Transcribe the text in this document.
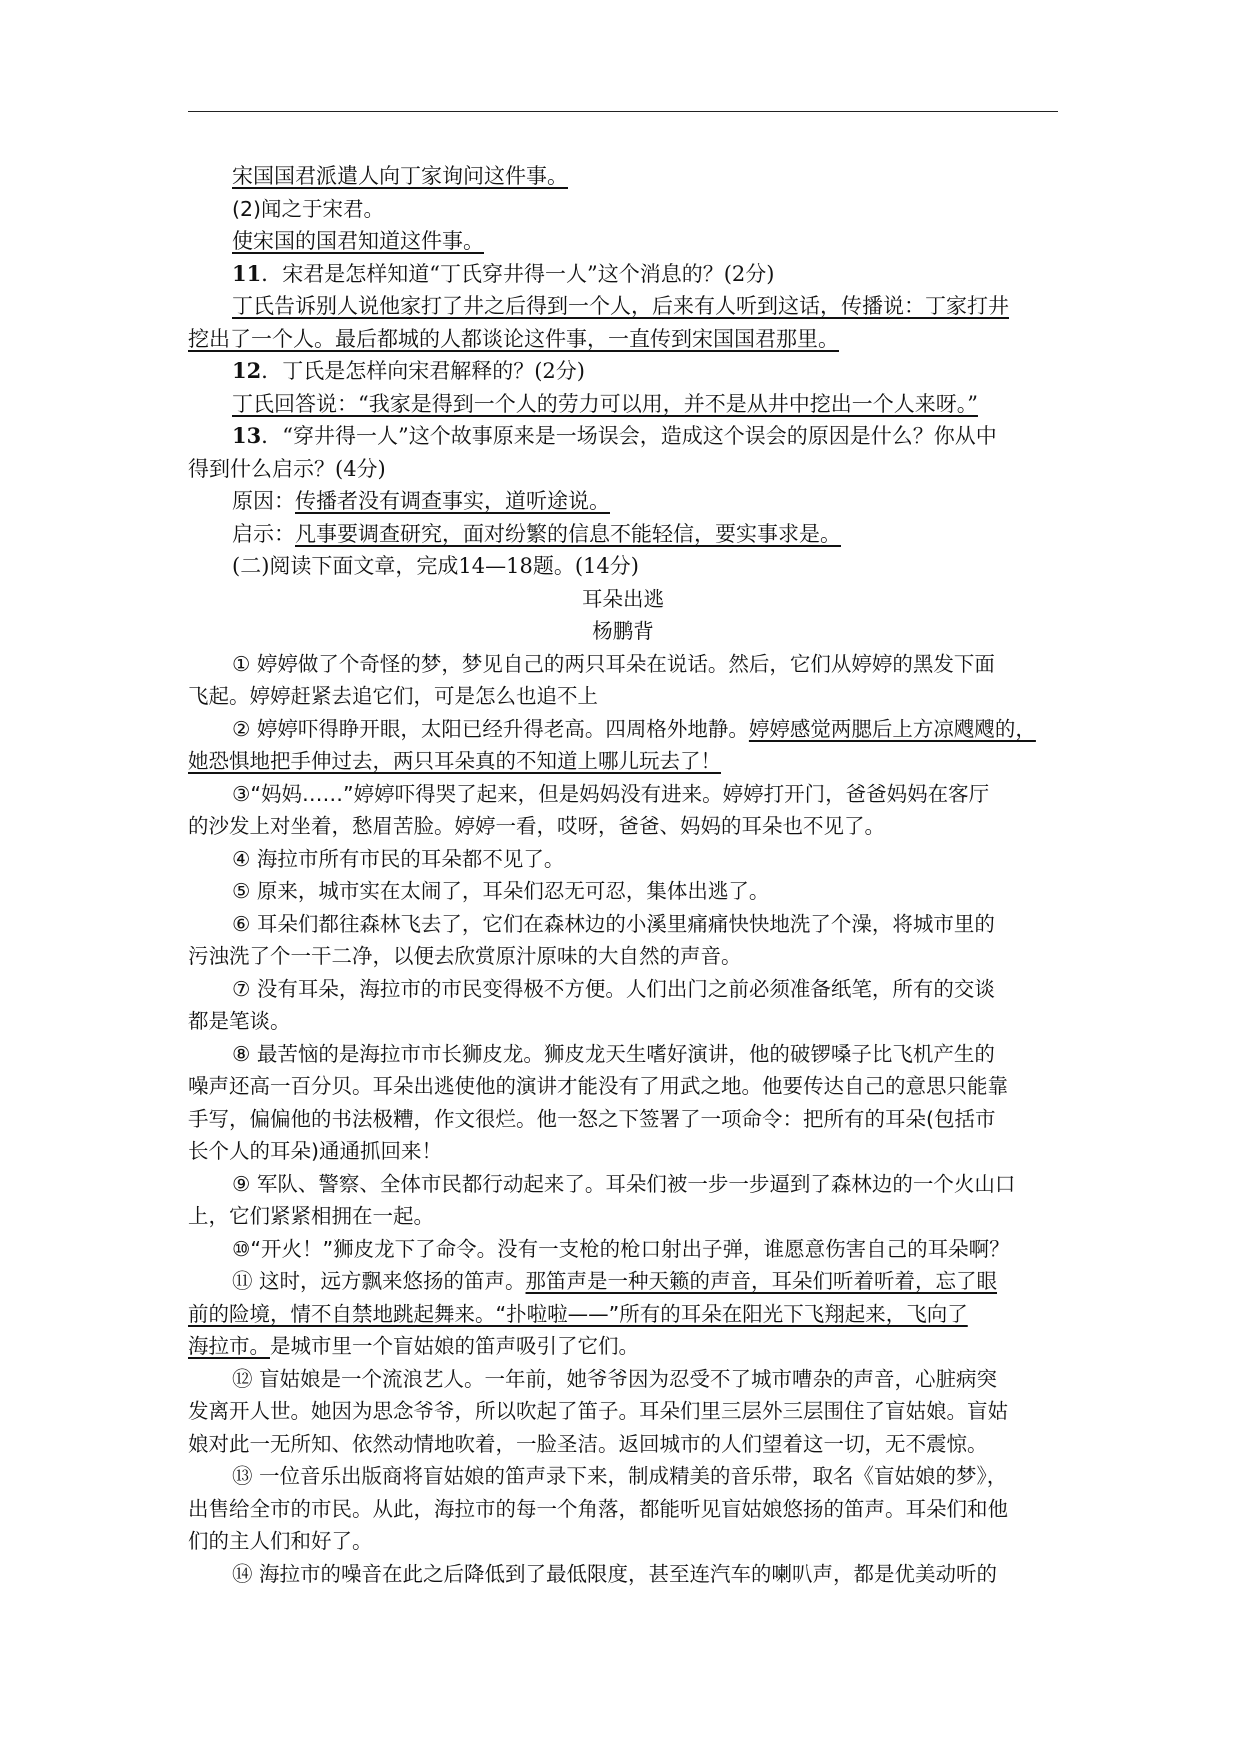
宋国国君派遣人向丁家询问这件事。
(2)闻之于宋君。
使宋国的国君知道这件事。
11．宋君是怎样知道“丁氏穿井得一人”这个消息的？(2分)
丁氏告诉别人说他家打了井之后得到一个人，后来有人听到这话，传播说：丁家打井
挖出了一个人。最后都城的人都谈论这件事，一直传到宋国国君那里。
12．丁氏是怎样向宋君解释的？(2分)
丁氏回答说：“我家是得到一个人的劳力可以用，并不是从井中挖出一个人来呀。”
13．“穿井得一人”这个故事原来是一场误会，造成这个误会的原因是什么？你从中
得到什么启示？(4分)
原因：传播者没有调查事实，道听途说。
启示：凡事要调查研究，面对纷繁的信息不能轻信，要实事求是。
(二)阅读下面文章，完成14—18题。(14分)
耳朵出逃
杨鹏背
① 婷婷做了个奇怪的梦，梦见自己的两只耳朵在说话。然后，它们从婷婷的黑发下面
飞起。婷婷赶紧去追它们，可是怎么也追不上
② 婷婷吓得睁开眼，太阳已经升得老高。四周格外地静。婷婷感觉两腮后上方凉飕飕的，
她恐惧地把手伸过去，两只耳朵真的不知道上哪儿玩去了！
③“妈妈……”婷婷吓得哭了起来，但是妈妈没有进来。婷婷打开门，爸爸妈妈在客厅
的沙发上对坐着，愁眉苦脸。婷婷一看，哎呀，爸爸、妈妈的耳朵也不见了。
④ 海拉市所有市民的耳朵都不见了。
⑤ 原来，城市实在太闹了，耳朵们忍无可忍，集体出逃了。
⑥ 耳朵们都往森林飞去了，它们在森林边的小溪里痛痛快快地洗了个澡，将城市里的
污浊洗了个一干二净，以便去欣赏原汁原味的大自然的声音。
⑦ 没有耳朵，海拉市的市民变得极不方便。人们出门之前必须准备纸笔，所有的交谈
都是笔谈。
⑧ 最苦恼的是海拉市市长狮皮龙。狮皮龙天生嗜好演讲，他的破锣嗓子比飞机产生的
噪声还高一百分贝。耳朵出逃使他的演讲才能没有了用武之地。他要传达自己的意思只能靠
手写，偏偏他的书法极糟，作文很烂。他一怒之下签署了一项命令：把所有的耳朵(包括市
长个人的耳朵)通通抓回来！
⑨ 军队、警察、全体市民都行动起来了。耳朵们被一步一步逼到了森林边的一个火山口
上，它们紧紧相拥在一起。
⑩“开火！”狮皮龙下了命令。没有一支枪的枪口射出子弹，谁愿意伤害自己的耳朵啊？
⑪ 这时，远方飘来悠扬的笛声。那笛声是一种天籁的声音，耳朵们听着听着，忘了眼
前的险境，情不自禁地跳起舞来。“扑啦啦——”所有的耳朵在阳光下飞翔起来，飞向了
海拉市。是城市里一个盲姑娘的笛声吸引了它们。
⑫ 盲姑娘是一个流浪艺人。一年前，她爷爷因为忍受不了城市嘈杂的声音，心脏病突
发离开人世。她因为思念爷爷，所以吹起了笛子。耳朵们里三层外三层围住了盲姑娘。盲姑
娘对此一无所知、依然动情地吹着，一脸圣洁。返回城市的人们望着这一切，无不震惊。
⑬ 一位音乐出版商将盲姑娘的笛声录下来，制成精美的音乐带，取名《盲姑娘的梦》，
出售给全市的市民。从此，海拉市的每一个角落，都能听见盲姑娘悠扬的笛声。耳朵们和他
们的主人们和好了。
⑭ 海拉市的噪音在此之后降低到了最低限度，甚至连汽车的喇叭声，都是优美动听的
